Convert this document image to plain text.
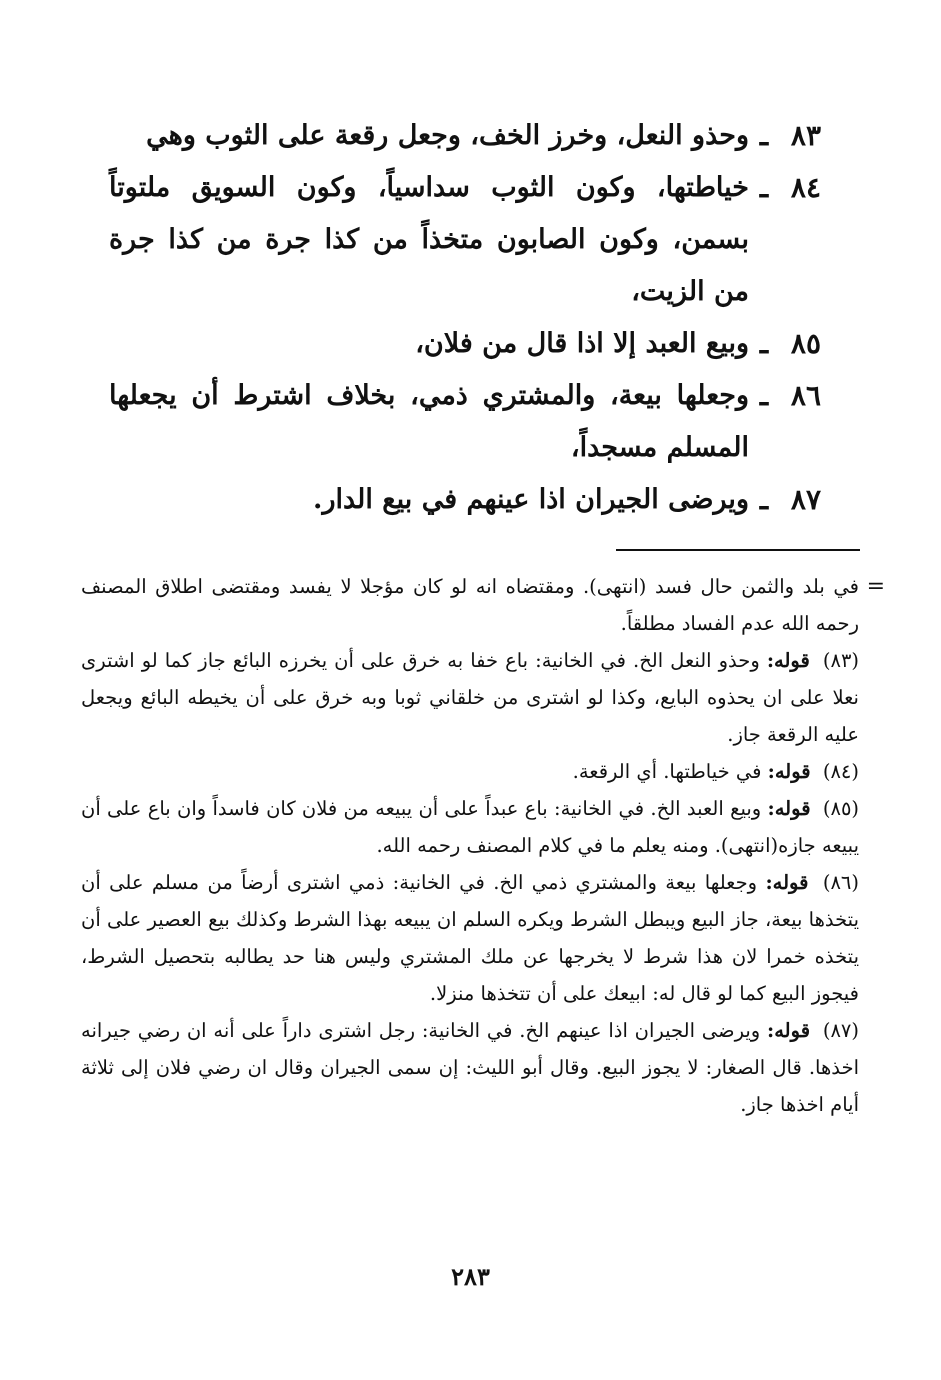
٨٣
ـ
وحذو النعل، وخرز الخف، وجعل رقعة على الثوب وهي
٨٤
ـ
خياطتها، وكون الثوب سداسياً، وكون السويق ملتوتاً بسمن، وكون الصابون متخذاً من كذا جرة من كذا جرة من الزيت،
٨٥
ـ
وبيع العبد إلا اذا قال من فلان،
٨٦
ـ
وجعلها بيعة، والمشتري ذمي، بخلاف اشترط أن يجعلها المسلم مسجداً،
٨٧
ـ
ويرضى الجيران اذا عينهم في بيع الدار.
=
في بلد والثمن حال فسد (انتهى). ومقتضاه انه لو كان مؤجلا لا يفسد ومقتضى اطلاق المصنف رحمه الله عدم الفساد مطلقاً.
(٨٣) قوله: وحذو النعل الخ. في الخانية: باع خفا به خرق على أن يخرزه البائع جاز كما لو اشترى نعلا على ان يحذوه البايع، وكذا لو اشترى من خلقاني ثوبا وبه خرق على أن يخيطه البائع ويجعل عليه الرقعة جاز.
(٨٤) قوله: في خياطتها. أي الرقعة.
(٨٥) قوله: وبيع العبد الخ. في الخانية: باع عبداً على أن يبيعه من فلان كان فاسداً وان باع على أن يبيعه جازه(انتهى). ومنه يعلم ما في كلام المصنف رحمه الله.
(٨٦) قوله: وجعلها بيعة والمشتري ذمي الخ. في الخانية: ذمي اشترى أرضاً من مسلم على أن يتخذها بيعة، جاز البيع ويبطل الشرط ويكره السلم ان يبيعه بهذا الشرط وكذلك بيع العصير على أن يتخذه خمرا لان هذا شرط لا يخرجها عن ملك المشتري وليس هنا حد يطالبه بتحصيل الشرط، فيجوز البيع كما لو قال له: ابيعك على أن تتخذها منزلا.
(٨٧) قوله: ويرضى الجيران اذا عينهم الخ. في الخانية: رجل اشترى داراً على أنه ان رضي جيرانه اخذها. قال الصغار: لا يجوز البيع. وقال أبو الليث: إن سمى الجيران وقال ان رضي فلان إلى ثلاثة أيام اخذها جاز.
٢٨٣
